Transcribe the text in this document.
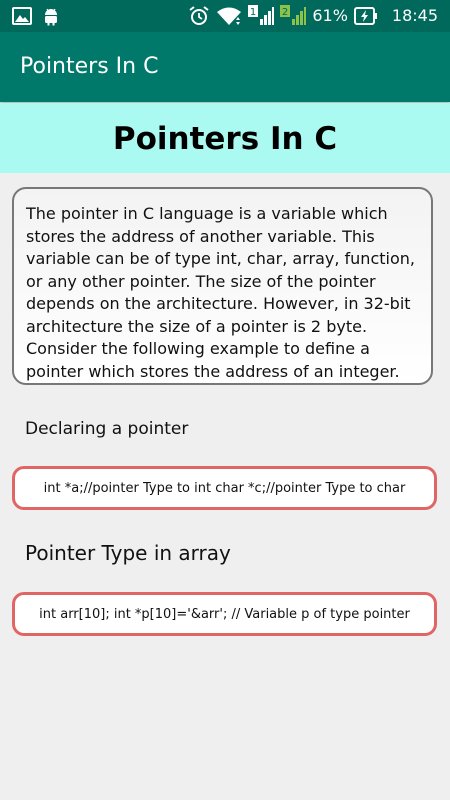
1	2 61%	18:45
Pointers In C
Pointers In C
The pointer in C language is a variable which stores the address of another variable. This variable can be of type int, char, array, function, or any other pointer. The size of the pointer depends on the architecture. However, in 32-bit architecture the size of a pointer is 2 byte. Consider the following example to define a pointer which stores the address of an integer.
Declaring a pointer
int *a;//pointer Type to int char *c;//pointer Type to char
Pointer Type in array
int arr[10]; int *p[10]='&arr'; // Variable p of type pointer
